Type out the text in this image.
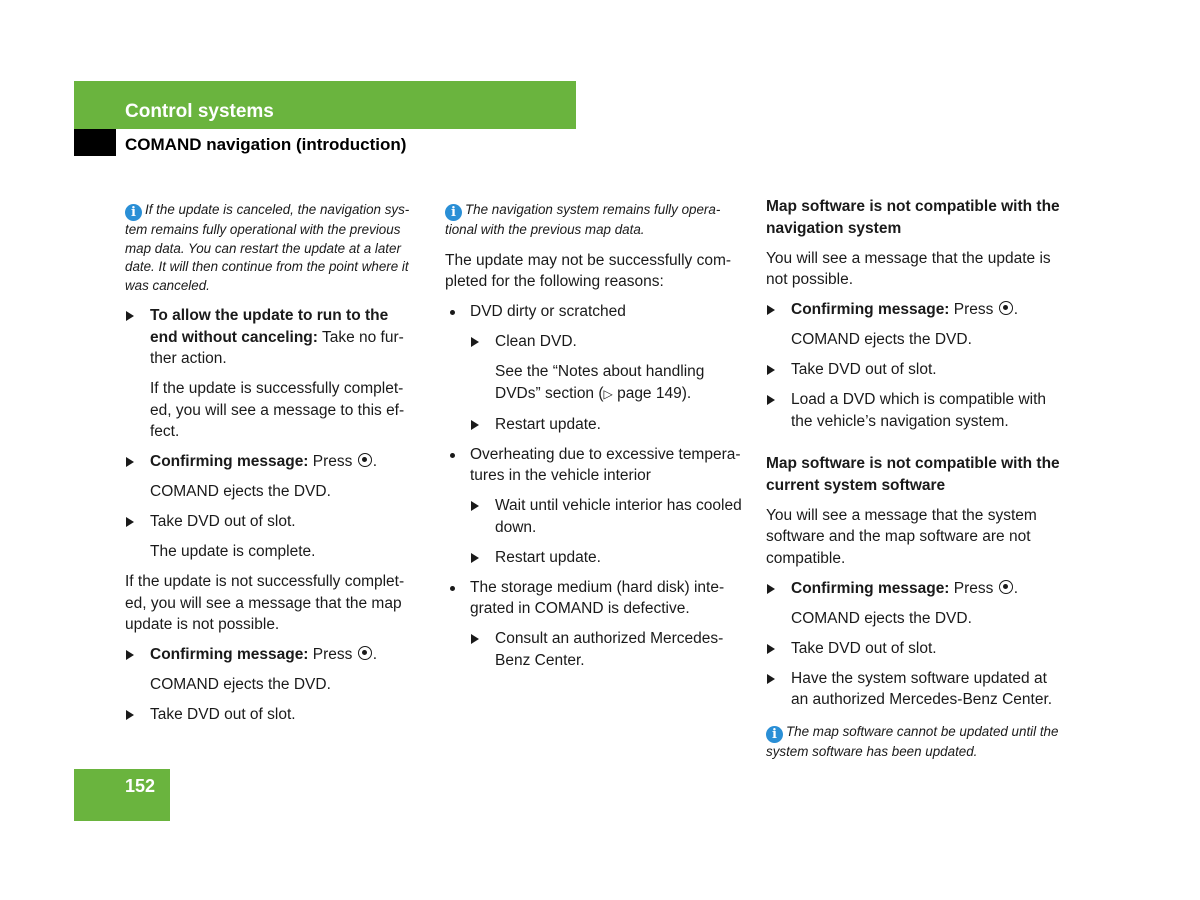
Control systems
COMAND navigation (introduction)

i If the update is canceled, the navigation sys-tem remains fully operational with the previous map data. You can restart the update at a later date. It will then continue from the point where it was canceled.

To allow the update to run to the end without canceling: Take no fur-ther action.

If the update is successfully complet-ed, you will see a message to this ef-fect.

Confirming message: Press .

COMAND ejects the DVD.

Take DVD out of slot.

The update is complete.

If the update is not successfully complet-ed, you will see a message that the map update is not possible.

Confirming message: Press .

COMAND ejects the DVD.

Take DVD out of slot.

i The navigation system remains fully opera-tional with the previous map data.

The update may not be successfully com-pleted for the following reasons:

DVD dirty or scratched

Clean DVD.

See the “Notes about handling DVDs” section (▷ page 149).

Restart update.

Overheating due to excessive tempera-tures in the vehicle interior

Wait until vehicle interior has cooled down.

Restart update.

The storage medium (hard disk) inte-grated in COMAND is defective.

Consult an authorized Mercedes-Benz Center.

Map software is not compatible with the navigation system

You will see a message that the update is not possible.

Confirming message: Press .

COMAND ejects the DVD.

Take DVD out of slot.

Load a DVD which is compatible with the vehicle’s navigation system.

Map software is not compatible with the current system software

You will see a message that the system software and the map software are not compatible.

Confirming message: Press .

COMAND ejects the DVD.

Take DVD out of slot.

Have the system software updated at an authorized Mercedes-Benz Center.

i The map software cannot be updated until the system software has been updated.

152
